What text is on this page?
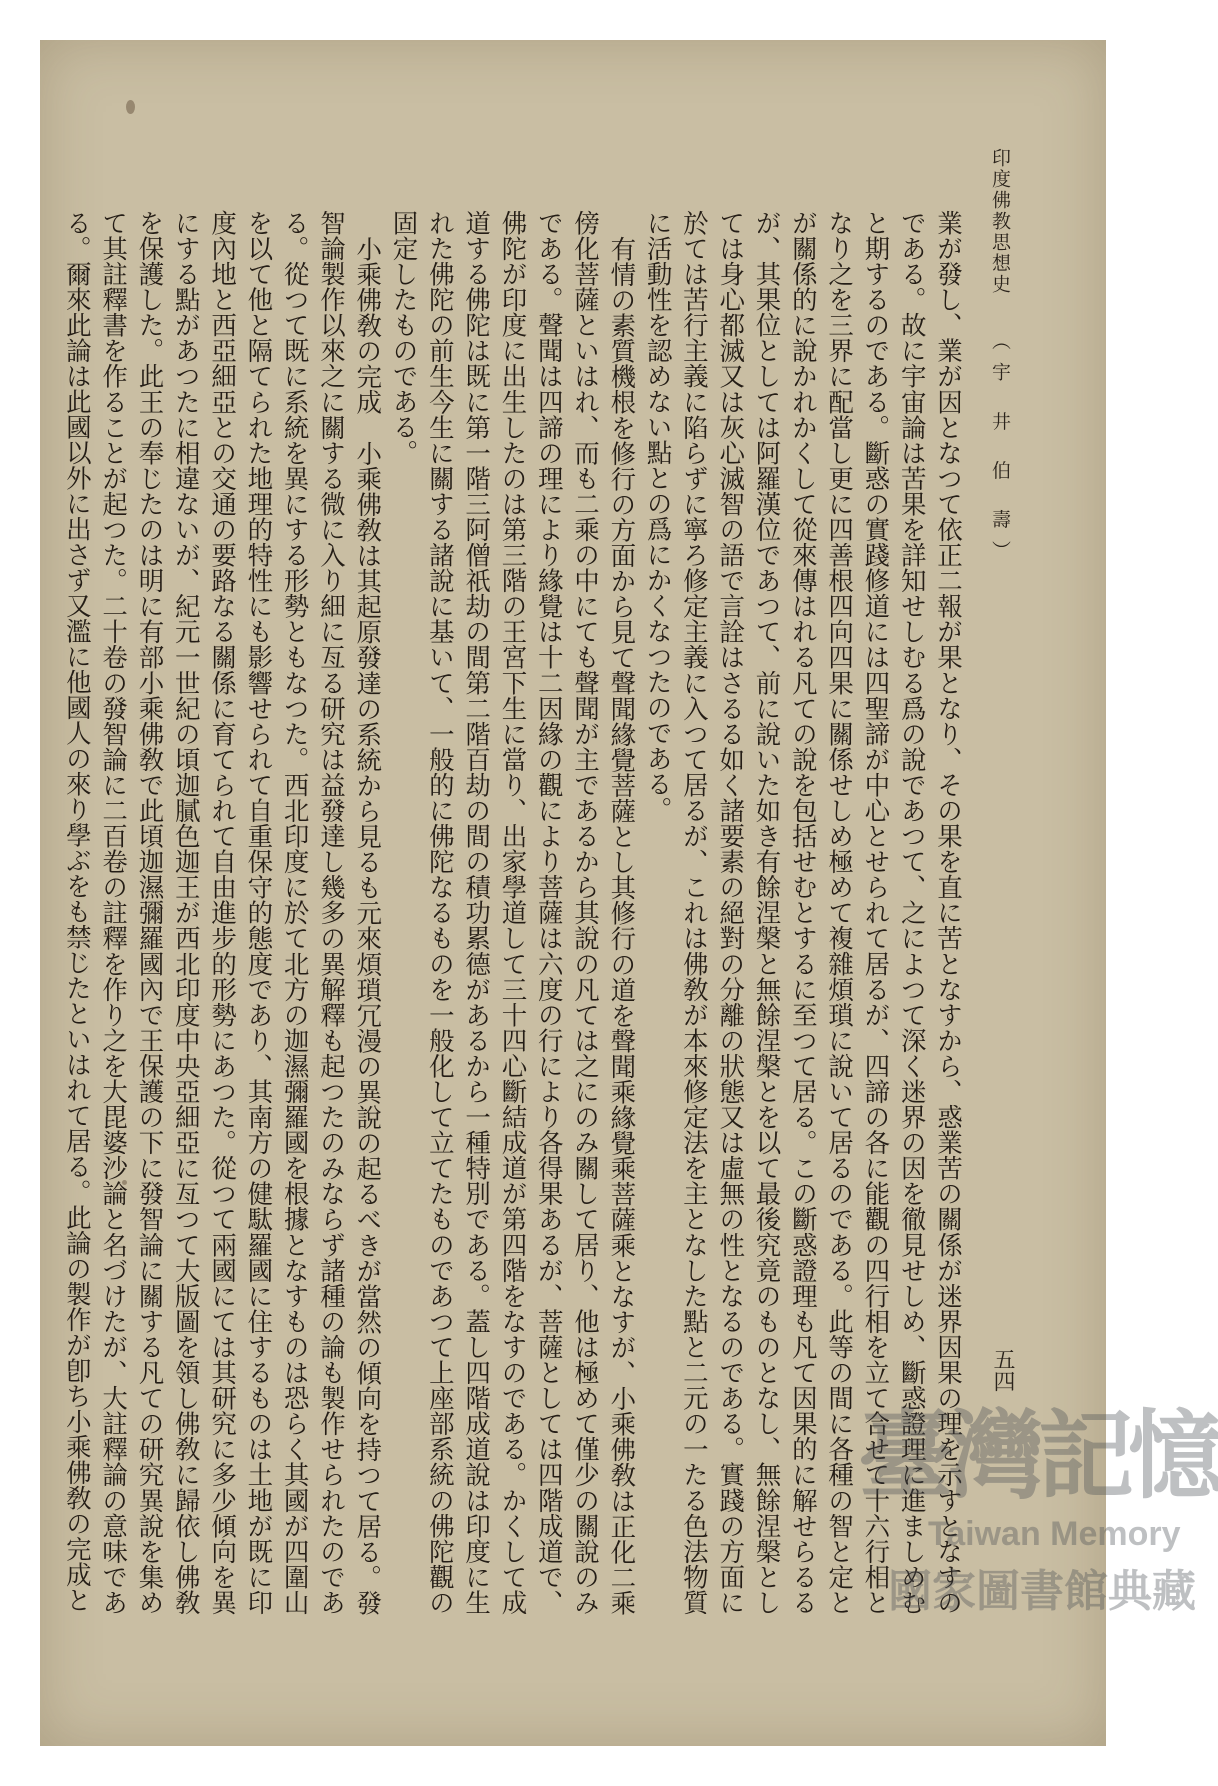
印度佛教思想史（宇 井 伯 壽）

業が發し、業が因となつて依正二報が果となり、その果を直に苦となすから、惑業苦の關係が迷界因果の理を示すとなすのである。故に宇宙論は苦果を詳知せしむる爲の說であつて、之によつて深く迷界の因を徹見せしめ、斷惑證理に進ましめむと期するのである。斷惑の實踐修道には四聖諦が中心とせられて居るが、四諦の各に能觀の四行相を立て合せて十六行相となり之を三界に配當し更に四善根四向四果に關係せしめ極めて複雜煩瑣に說いて居るのである。此等の間に各種の智と定とが關係的に說かれかくして從來傳はれる凡ての說を包括せむとするに至つて居る。この斷惑證理も凡て因果的に解せらるるが、其果位としては阿羅漢位であつて、前に說いた如き有餘涅槃と無餘涅槃とを以て最後究竟のものとなし、無餘涅槃としては身心都滅又は灰心滅智の語で言詮はさるる如く諸要素の絕對の分離の狀態又は虛無の性となるのである。實踐の方面に於ては苦行主義に陷らずに寧ろ修定主義に入つて居るが、これは佛敎が本來修定法を主となした點と二元の一たる色法物質に活動性を認めない點との爲にかくなつたのである。

有情の素質機根を修行の方面から見て聲聞緣覺菩薩とし其修行の道を聲聞乘緣覺乘菩薩乘となすが、小乘佛敎は正化二乘傍化菩薩といはれ、而も二乘の中にても聲聞が主であるから其說の凡ては之にのみ關して居り、他は極めて僅少の關說のみである。聲聞は四諦の理により緣覺は十二因緣の觀により菩薩は六度の行により各得果あるが、菩薩としては四階成道で、佛陀が印度に出生したのは第三階の王宮下生に當り、出家學道して三十四心斷結成道が第四階をなすのである。かくして成道する佛陀は既に第一階三阿僧祇劫の間第二階百劫の間の積功累德があるから一種特別である。蓋し四階成道說は印度に生れた佛陀の前生今生に關する諸說に基いて、一般的に佛陀なるものを一般化して立てたものであつて上座部系統の佛陀觀の固定したものである。

小乘佛敎の完成　小乘佛敎は其起原發達の系統から見るも元來煩瑣冗漫の異說の起るべきが當然の傾向を持つて居る。發智論製作以來之に關する微に入り細に亙る研究は益發達し幾多の異解釋も起つたのみならず諸種の論も製作せられたのである。從つて既に系統を異にする形勢ともなつた。西北印度に於て北方の迦濕彌羅國を根據となすものは恐らく其國が四圍山を以て他と隔てられた地理的特性にも影響せられて自重保守的態度であり、其南方の健駄羅國に住するものは土地が既に印度內地と西亞細亞との交通の要路なる關係に育てられて自由進步的形勢にあつた。從つて兩國にては其研究に多少傾向を異にする點があつたに相違ないが、紀元一世紀の頃迦膩色迦王が西北印度中央亞細亞に亙つて大版圖を領し佛敎に歸依し佛敎を保護した。此王の奉じたのは明に有部小乘佛敎で此頃迦濕彌羅國內で王保護の下に發智論に關する凡ての研究異說を集めて其註釋書を作ることが起つた。二十卷の發智論に二百卷の註釋を作り之を大毘婆沙論と名づけたが、大註釋論の意味である。爾來此論は此國以外に出さず又濫に他國人の來り學ぶをも禁じたといはれて居る。此論の製作が卽ち小乘佛敎の完成と	五四
臺灣記憶
Taiwan Memory
國家圖書館典藏
